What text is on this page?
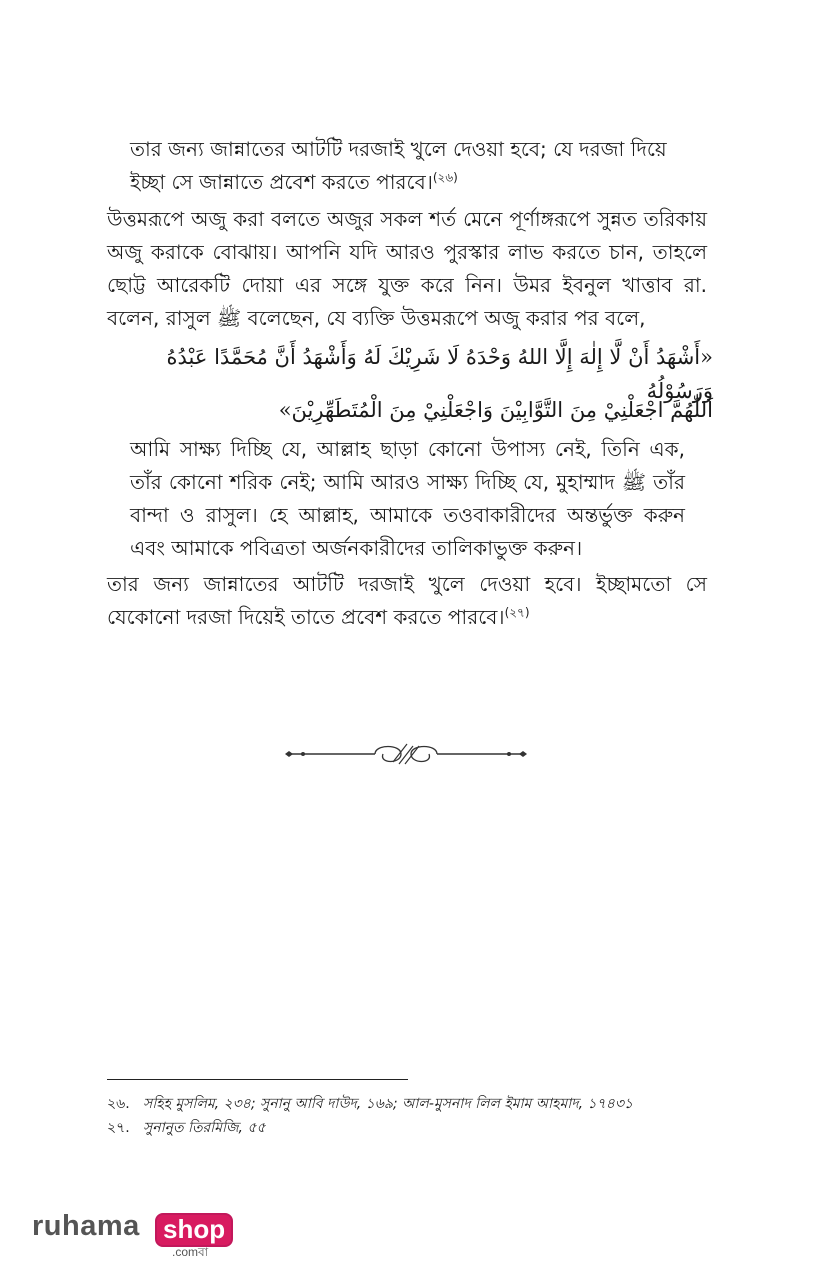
তার জন্য জান্নাতের আটটি দরজাই খুলে দেওয়া হবে; যে দরজা দিয়ে
ইচ্ছা সে জান্নাতে প্রবেশ করতে পারবে।$^{(২৬)}$

উত্তমরূপে অজু করা বলতে অজুর সকল শর্ত মেনে পূর্ণাঙ্গরূপে সুন্নত তরিকায় অজু করাকে বোঝায়। আপনি যদি আরও পুরস্কার লাভ করতে চান, তাহলে ছোট্ট আরেকটি দোয়া এর সঙ্গে যুক্ত করে নিন। উমর ইবনুল খাত্তাব রা. বলেন, রাসুল ﷺ বলেছেন, যে ব্যক্তি উত্তমরূপে অজু করার পর বলে,

«أَشْهَدُ أَنْ لَّا إِلٰهَ إِلَّا اللهُ وَحْدَهُ لَا شَرِيْكَ لَهُ وَأَشْهَدُ أَنَّ مُحَمَّدًا عَبْدُهُ وَرَسُوْلُهُ
اَللّٰهُمَّ اجْعَلْنِيْ مِنَ التَّوَّابِيْنَ وَاجْعَلْنِيْ مِنَ الْمُتَطَهِّرِيْنَ»

আমি সাক্ষ্য দিচ্ছি যে, আল্লাহ ছাড়া কোনো উপাস্য নেই, তিনি এক, তাঁর কোনো শরিক নেই; আমি আরও সাক্ষ্য দিচ্ছি যে, মুহাম্মাদ ﷺ তাঁর বান্দা ও রাসুল। হে আল্লাহ, আমাকে তওবাকারীদের অন্তর্ভুক্ত করুন এবং আমাকে পবিত্রতা অর্জনকারীদের তালিকাভুক্ত করুন।

তার জন্য জান্নাতের আটটি দরজাই খুলে দেওয়া হবে। ইচ্ছামতো সে যেকোনো দরজা দিয়েই তাতে প্রবেশ করতে পারবে।$^{(২৭)}$

২৬. সহিহ মুসলিম, ২৩৪; সুনানু আবি দাউদ, ১৬৯; আল-মুসনাদ লিল ইমাম আহমাদ, ১৭৪৩১
২৭. সুনানুত তিরমিজি, ৫৫
ruhama shop
.comবা
